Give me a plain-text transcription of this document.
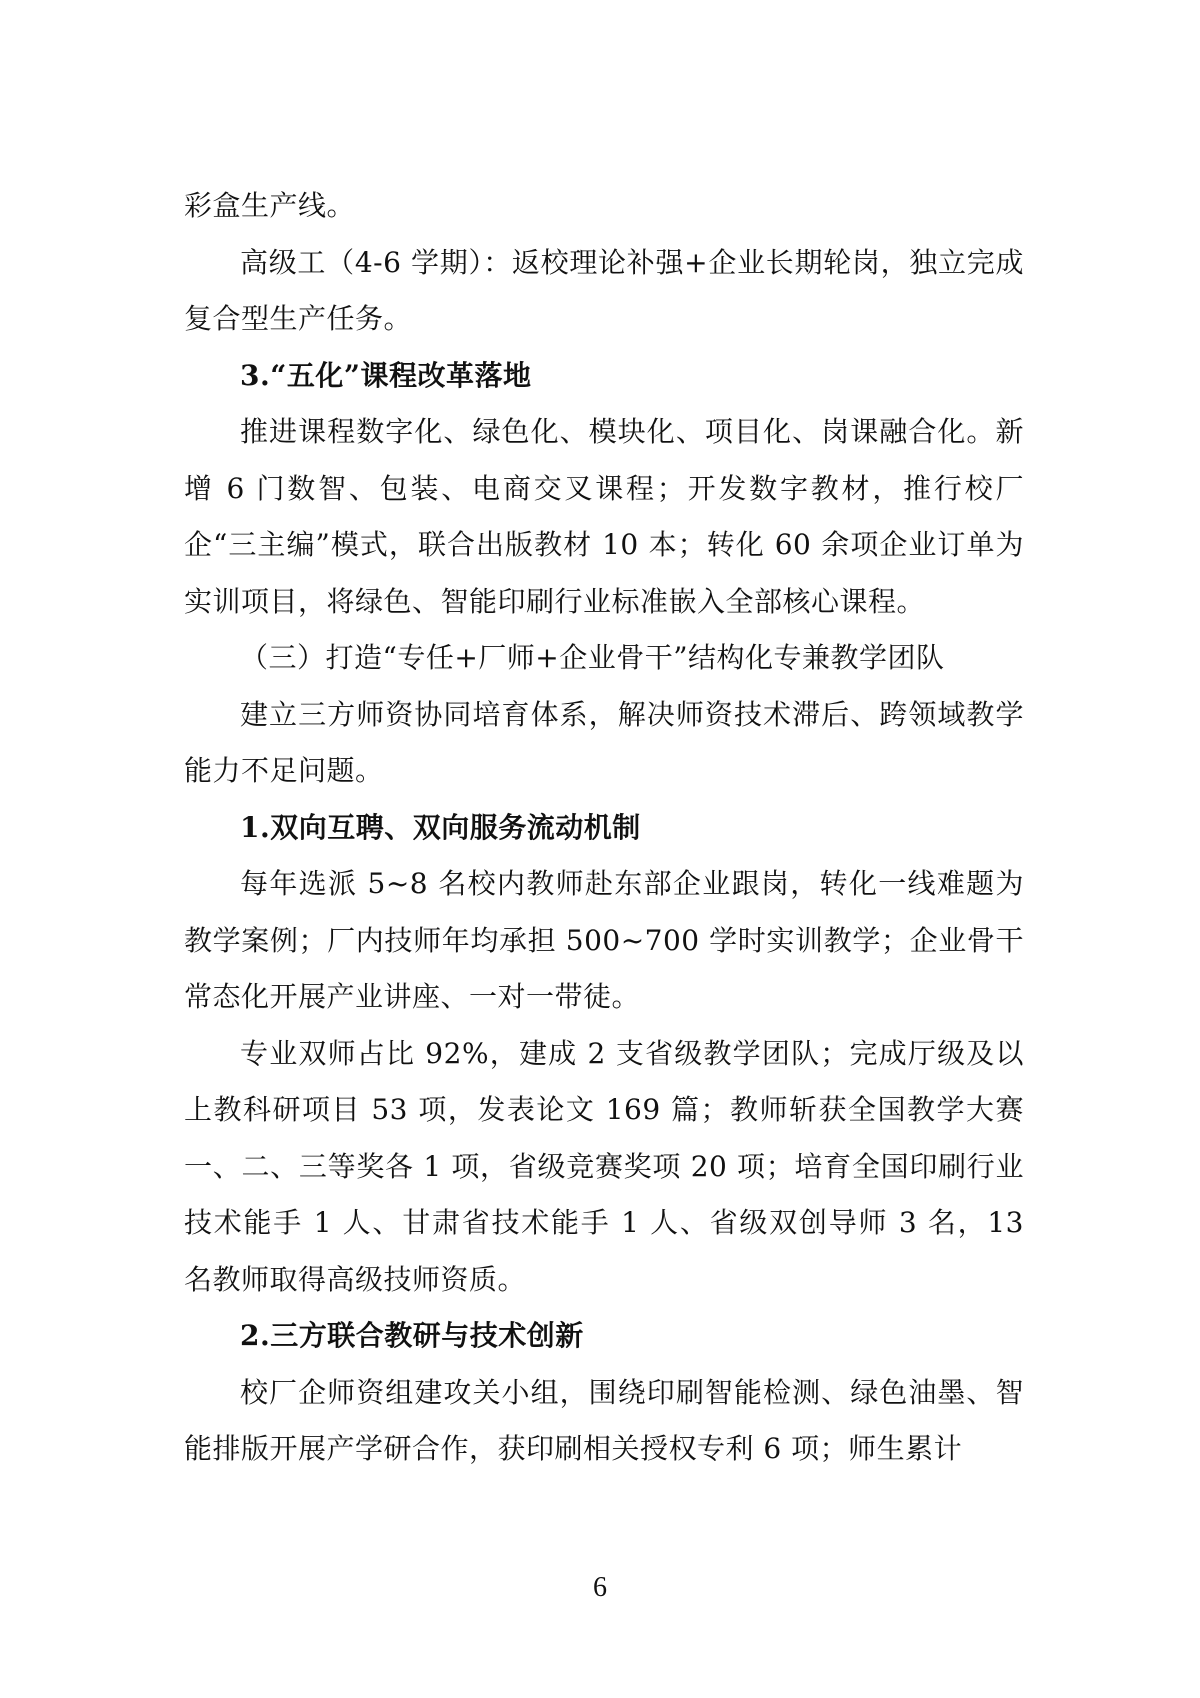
彩盒生产线。

高级工（4-6 学期）：返校理论补强+企业长期轮岗，独立完成复合型生产任务。

3.“五化”课程改革落地

推进课程数字化、绿色化、模块化、项目化、岗课融合化。新增 6 门数智、包装、电商交叉课程；开发数字教材，推行校厂企“三主编”模式，联合出版教材 10 本；转化 60 余项企业订单为实训项目，将绿色、智能印刷行业标准嵌入全部核心课程。

（三）打造“专任+厂师+企业骨干”结构化专兼教学团队

建立三方师资协同培育体系，解决师资技术滞后、跨领域教学能力不足问题。

1.双向互聘、双向服务流动机制

每年选派 5~8 名校内教师赴东部企业跟岗，转化一线难题为教学案例；厂内技师年均承担 500~700 学时实训教学；企业骨干常态化开展产业讲座、一对一带徒。

专业双师占比 92%，建成 2 支省级教学团队；完成厅级及以上教科研项目 53 项，发表论文 169 篇；教师斩获全国教学大赛一、二、三等奖各 1 项，省级竞赛奖项 20 项；培育全国印刷行业技术能手 1 人、甘肃省技术能手 1 人、省级双创导师 3 名，13 名教师取得高级技师资质。

2.三方联合教研与技术创新

校厂企师资组建攻关小组，围绕印刷智能检测、绿色油墨、智能排版开展产学研合作，获印刷相关授权专利 6 项；师生累计

6
